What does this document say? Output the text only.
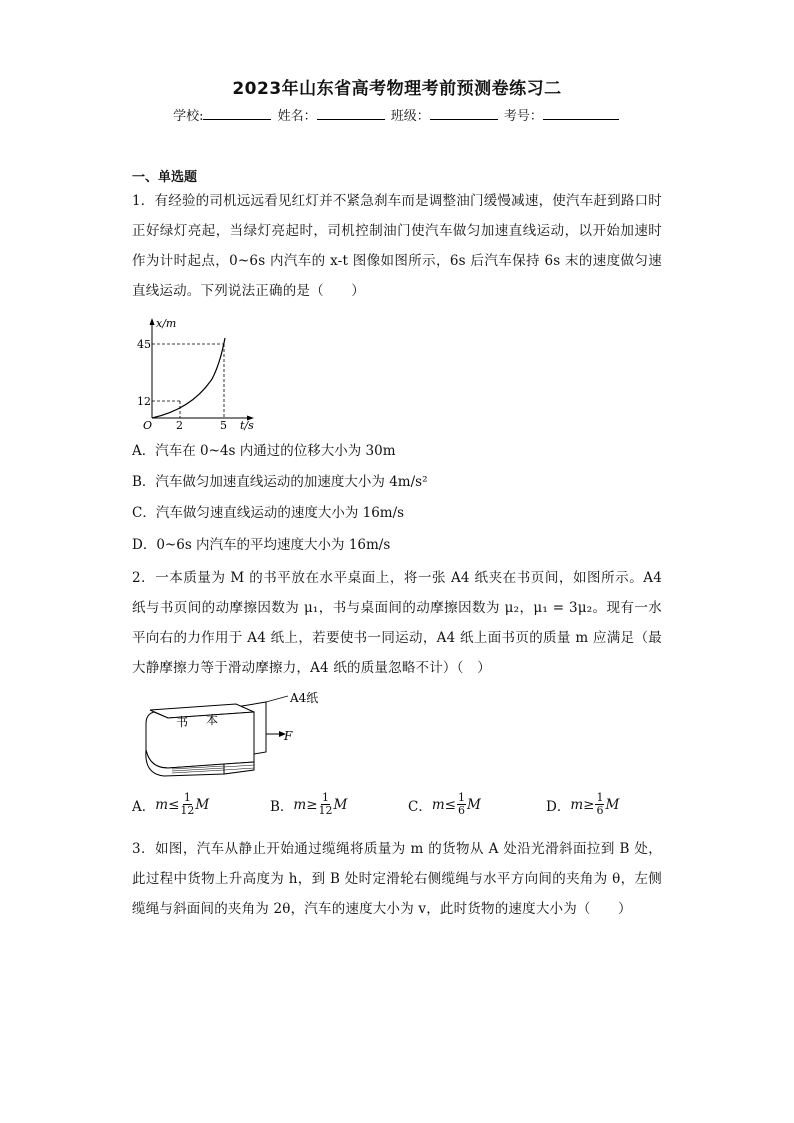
2023年山东省高考物理考前预测卷练习二
学校:	姓名：	班级：	考号：
一、单选题
1．有经验的司机远远看见红灯并不紧急刹车而是调整油门缓慢减速，使汽车赶到路口时正好绿灯亮起，当绿灯亮起时，司机控制油门使汽车做匀加速直线运动，以开始加速时作为计时起点，0~6s 内汽车的 x-t 图像如图所示，6s 后汽车保持 6s 末的速度做匀速直线运动。下列说法正确的是（　　）
x/m
t/s
O
45
12
2	5
A．汽车在 0~4s 内通过的位移大小为 30m
B．汽车做匀加速直线运动的加速度大小为 4m/s²
C．汽车做匀速直线运动的速度大小为 16m/s
D．0~6s 内汽车的平均速度大小为 16m/s
2．一本质量为 M 的书平放在水平桌面上，将一张 A4 纸夹在书页间，如图所示。A4 纸与书页间的动摩擦因数为 μ₁，书与桌面间的动摩擦因数为 μ₂，μ₁ = 3μ₂。现有一水平向右的力作用于 A4 纸上，若要使书一同运动，A4 纸上面书页的质量 m 应满足（最大静摩擦力等于滑动摩擦力，A4 纸的质量忽略不计）（　）
书 本
A4纸
F
A． $m \le \frac{1}{12}$ M	B． $m \ge \frac{1}{12}$ M	C． $m \le \frac{1}{6}$ M	D． $m \ge \frac{1}{6}$ M
3．如图，汽车从静止开始通过缆绳将质量为 m 的货物从 A 处沿光滑斜面拉到 B 处，此过程中货物上升高度为 h，到 B 处时定滑轮右侧缆绳与水平方向间的夹角为 θ，左侧缆绳与斜面间的夹角为 2θ，汽车的速度大小为 v，此时货物的速度大小为（　　）
